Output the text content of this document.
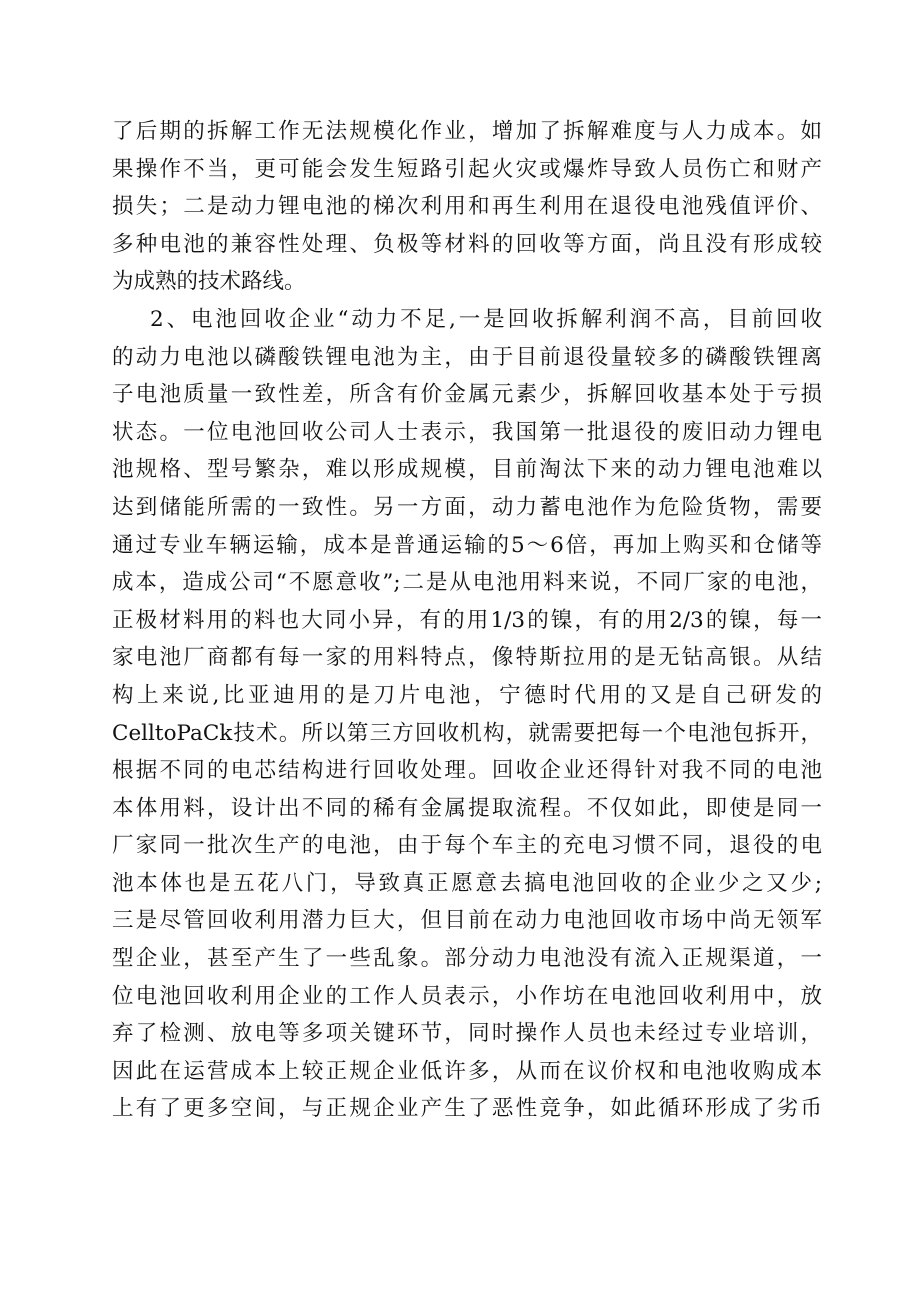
了后期的拆解工作无法规模化作业，增加了拆解难度与人力成本。如
果操作不当，更可能会发生短路引起火灾或爆炸导致人员伤亡和财产
损失；二是动力锂电池的梯次利用和再生利用在退役电池残值评价、
多种电池的兼容性处理、负极等材料的回收等方面，尚且没有形成较
为成熟的技术路线。
2、电池回收企业“动力不足,一是回收拆解利润不高，目前回收
的动力电池以磷酸铁锂电池为主，由于目前退役量较多的磷酸铁锂离
子电池质量一致性差，所含有价金属元素少，拆解回收基本处于亏损
状态。一位电池回收公司人士表示，我国第一批退役的废旧动力锂电
池规格、型号繁杂，难以形成规模，目前淘汰下来的动力锂电池难以
达到储能所需的一致性。另一方面，动力蓄电池作为危险货物，需要
通过专业车辆运输，成本是普通运输的5～6倍，再加上购买和仓储等
成本，造成公司“不愿意收”;二是从电池用料来说，不同厂家的电池，
正极材料用的料也大同小异，有的用1/3的镍，有的用2/3的镍，每一
家电池厂商都有每一家的用料特点，像特斯拉用的是无钻高银。从结
构上来说,比亚迪用的是刀片电池，宁德时代用的又是自己研发的
CelltoPaCk技术。所以第三方回收机构，就需要把每一个电池包拆开，
根据不同的电芯结构进行回收处理。回收企业还得针对我不同的电池
本体用料，设计出不同的稀有金属提取流程。不仅如此，即使是同一
厂家同一批次生产的电池，由于每个车主的充电习惯不同，退役的电
池本体也是五花八门，导致真正愿意去搞电池回收的企业少之又少;
三是尽管回收利用潜力巨大，但目前在动力电池回收市场中尚无领军
型企业，甚至产生了一些乱象。部分动力电池没有流入正规渠道，一
位电池回收利用企业的工作人员表示，小作坊在电池回收利用中，放
弃了检测、放电等多项关键环节，同时操作人员也未经过专业培训，
因此在运营成本上较正规企业低许多，从而在议价权和电池收购成本
上有了更多空间，与正规企业产生了恶性竞争，如此循环形成了劣币
